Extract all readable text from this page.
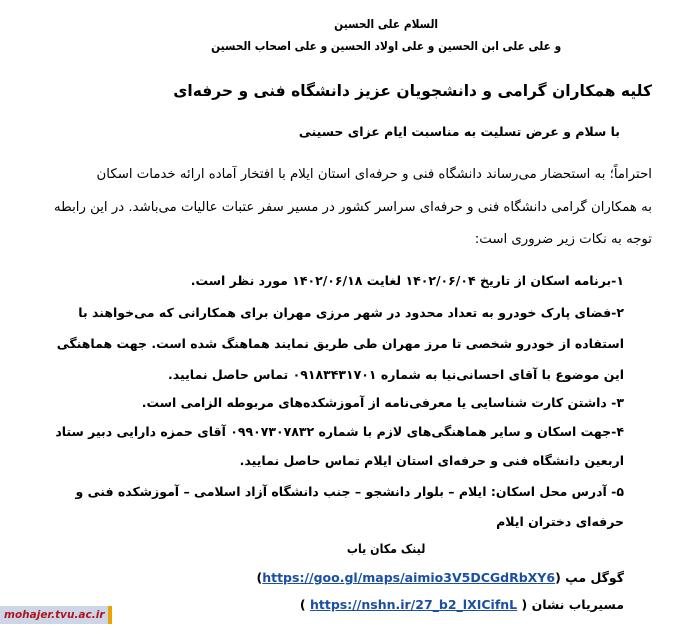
السلام علی الحسین

و علی علی ابن الحسین و علی اولاد الحسین و علی اصحاب الحسین

کلیه همکاران گرامی و دانشجویان عزیز دانشگاه فنی و حرفه‌ای

با سلام و عرض تسلیت به مناسبت ایام عزای حسینی

احتراماً؛ به استحضار می‌رساند دانشگاه فنی و حرفه‌ای استان ایلام با افتخار آماده ارائه خدمات اسکان

به همکاران گرامی دانشگاه فنی و حرفه‌ای سراسر کشور در مسیر سفر عتبات عالیات می‌باشد. در این رابطه

توجه به نکات زیر ضروری است:

۱-برنامه اسکان از تاریخ ۱۴۰۲/۰۶/۰۴ لغایت ۱۴۰۲/۰۶/۱۸ مورد نظر است.

۲-فضای پارک خودرو به تعداد محدود در شهر مرزی مهران برای همکارانی که می‌خواهند با

استفاده از خودرو شخصی تا مرز مهران طی طریق نمایند هماهنگ شده است. جهت هماهنگی

این موضوع با آقای احسانی‌نیا به شماره ۰۹۱۸۳۴۳۱۷۰۱ تماس حاصل نمایید.

۳- داشتن کارت شناسایی یا معرفی‌نامه از آموزشکده‌های مربوطه الزامی است.

۴-جهت اسکان و سایر هماهنگی‌های لازم با شماره ۰۹۹۰۷۳۰۷۸۳۲ آقای حمزه دارایی دبیر ستاد

اربعین دانشگاه فنی و حرفه‌ای استان ایلام تماس حاصل نمایید.

۵- آدرس محل اسکان: ایلام – بلوار دانشجو – جنب دانشگاه آزاد اسلامی – آموزشکده فنی و

حرفه‌ای دختران ایلام

لینک مکان یاب

گوگل مپ (https://goo.gl/maps/aimio3V5DCGdRbXY6)

مسیریاب نشان ( https://nshn.ir/27_b2_lXICifnL )

mohajer.tvu.ac.ir
